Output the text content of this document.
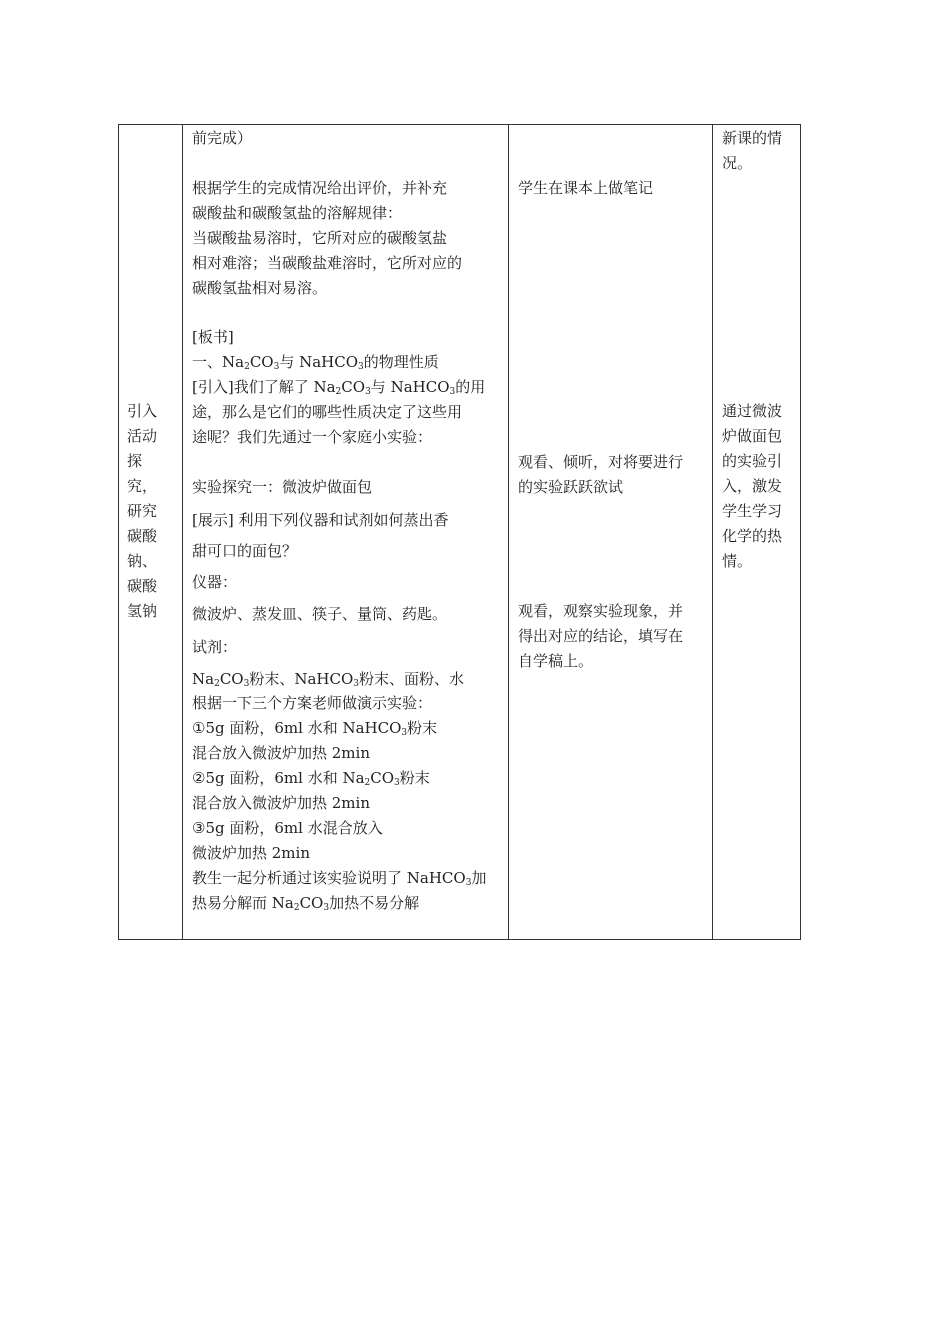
引入
活动
探
究，
研究
碳酸
钠、
碳酸
氢钠
前完成）
根据学生的完成情况给出评价，并补充
碳酸盐和碳酸氢盐的溶解规律：
当碳酸盐易溶时，它所对应的碳酸氢盐
相对难溶；当碳酸盐难溶时，它所对应的
碳酸氢盐相对易溶。
[板书]
一、$Na_2CO_3$与 NaHCO$_3$的物理性质
[引入]我们了解了 $Na_2CO_3$与 NaHCO$_3$的用
途，那么是它们的哪些性质决定了这些用
途呢？我们先通过一个家庭小实验：
实验探究一：微波炉做面包
[展示] 利用下列仪器和试剂如何蒸出香
甜可口的面包？
仪器：
微波炉、蒸发皿、筷子、量筒、药匙。
试剂：
$Na_2CO_3$粉末、NaHCO$_3$粉末、面粉、水
根据一下三个方案老师做演示实验：
①5g 面粉，6ml 水和 NaHCO$_3$粉末
混合放入微波炉加热 2min
②5g 面粉，6ml 水和 $Na_2CO_3$粉末
混合放入微波炉加热 2min
③5g 面粉，6ml 水混合放入
微波炉加热 2min
教生一起分析通过该实验说明了 NaHCO$_3$加
热易分解而 $Na_2CO_3$加热不易分解
学生在课本上做笔记
观看、倾听，对将要进行
的实验跃跃欲试
观看，观察实验现象，并
得出对应的结论，填写在
自学稿上。
新课的情
况。
通过微波
炉做面包
的实验引
入，激发
学生学习
化学的热
情。
